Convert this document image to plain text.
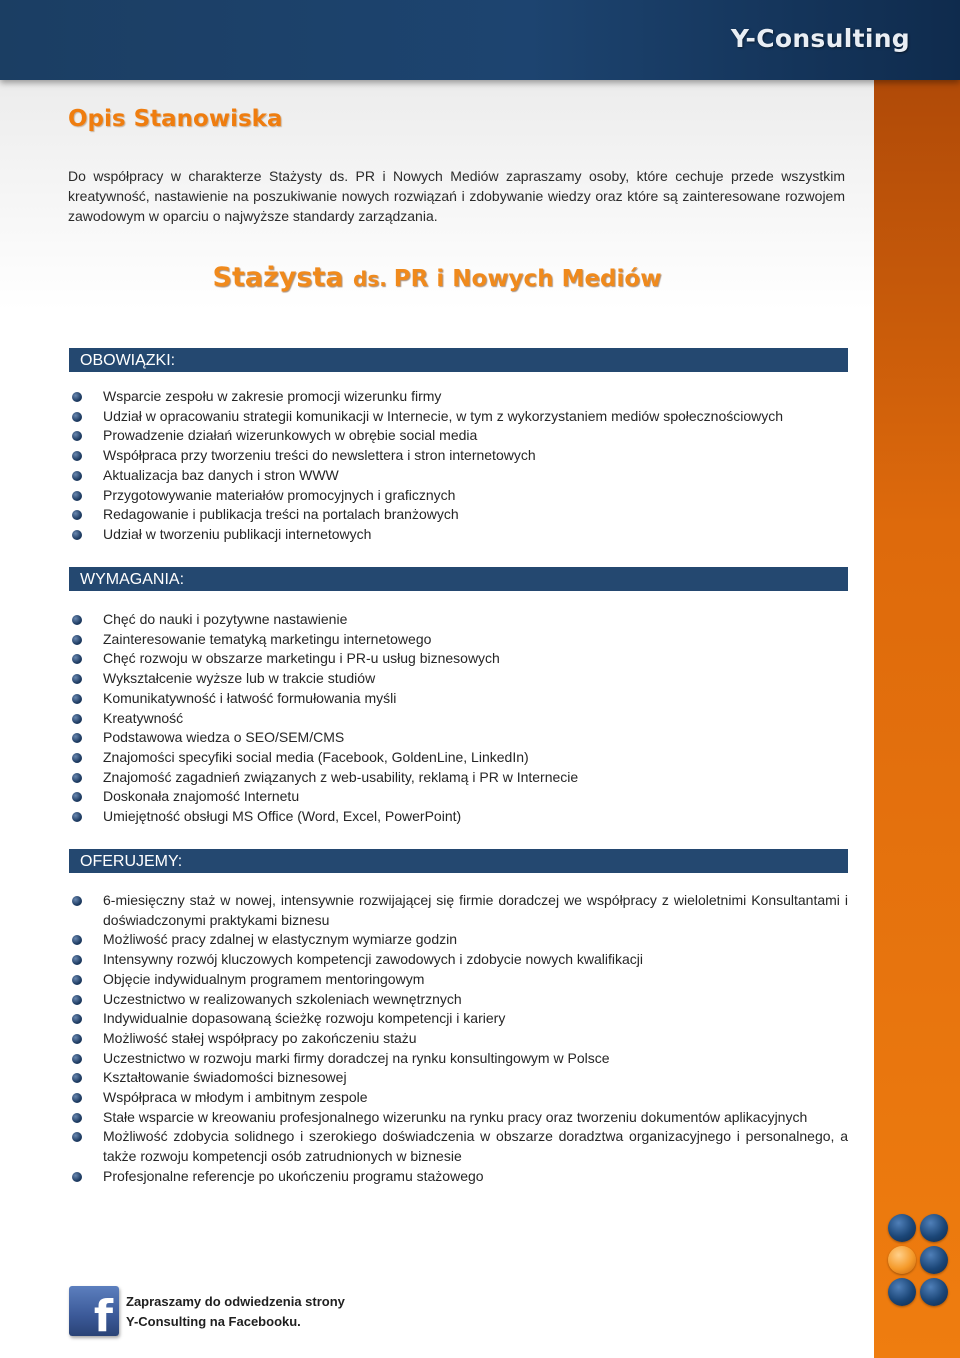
Y-Consulting
Opis Stanowiska

Do współpracy w charakterze Stażysty ds. PR i Nowych Mediów zapraszamy osoby, które cechuje przede wszystkim kreatywność, nastawienie na poszukiwanie nowych rozwiązań i zdobywanie wiedzy oraz które są zainteresowane rozwojem zawodowym w oparciu o najwyższe standardy zarządzania.

Stażysta ds. PR i Nowych Mediów
OBOWIĄZKI:
Wsparcie zespołu w zakresie promocji wizerunku firmy
Udział w opracowaniu strategii komunikacji w Internecie, w tym z wykorzystaniem mediów społecznościowych
Prowadzenie działań wizerunkowych w obrębie social media
Współpraca przy tworzeniu treści do newslettera i stron internetowych
Aktualizacja baz danych i stron WWW
Przygotowywanie materiałów promocyjnych i graficznych
Redagowanie i publikacja treści na portalach branżowych
Udział w tworzeniu publikacji internetowych
WYMAGANIA:
Chęć do nauki i pozytywne nastawienie
Zainteresowanie tematyką marketingu internetowego
Chęć rozwoju w obszarze marketingu i PR-u usług biznesowych
Wykształcenie wyższe lub w trakcie studiów
Komunikatywność i łatwość formułowania myśli
Kreatywność
Podstawowa wiedza o SEO/SEM/CMS
Znajomości specyfiki social media (Facebook, GoldenLine, LinkedIn)
Znajomość zagadnień związanych z web-usability, reklamą i PR w Internecie
Doskonała znajomość Internetu
Umiejętność obsługi MS Office (Word, Excel, PowerPoint)
OFERUJEMY:
6-miesięczny staż w nowej, intensywnie rozwijającej się firmie doradczej we współpracy z wieloletnimi Konsultantami i doświadczonymi praktykami biznesu
Możliwość pracy zdalnej w elastycznym wymiarze godzin
Intensywny rozwój kluczowych kompetencji zawodowych i zdobycie nowych kwalifikacji
Objęcie indywidualnym programem mentoringowym
Uczestnictwo w realizowanych szkoleniach wewnętrznych
Indywidualnie dopasowaną ścieżkę rozwoju kompetencji i kariery
Możliwość stałej współpracy po zakończeniu stażu
Uczestnictwo w rozwoju marki firmy doradczej na rynku konsultingowym w Polsce
Kształtowanie świadomości biznesowej
Współpraca w młodym i ambitnym zespole
Stałe wsparcie w kreowaniu profesjonalnego wizerunku na rynku pracy oraz tworzeniu dokumentów aplikacyjnych
Możliwość zdobycia solidnego i szerokiego doświadczenia w obszarze doradztwa organizacyjnego i personalnego, a także rozwoju kompetencji osób zatrudnionych w biznesie
Profesjonalne referencje po ukończeniu programu stażowego
f	Zapraszamy do odwiedzenia strony
Y-Consulting na Facebooku.
